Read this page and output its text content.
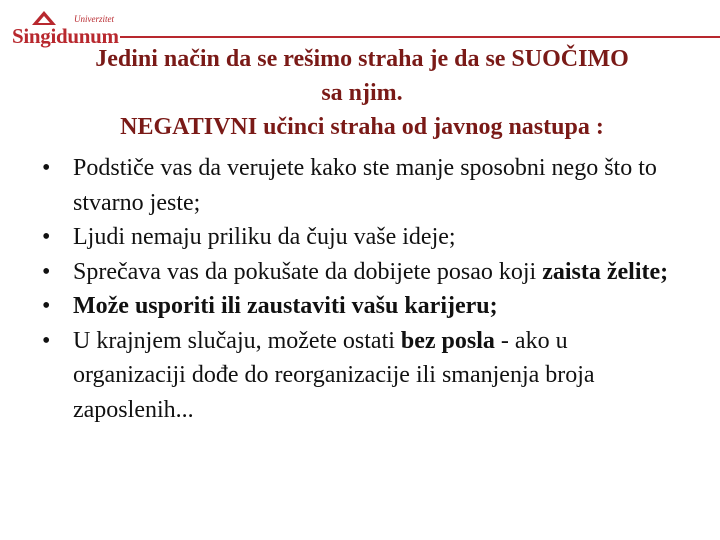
Univerzitet
Singidunum
Jedini način da se rešimo straha je da se SUOČIMO
sa njim.
NEGATIVNI učinci straha od javnog nastupa :
• Podstiče vas da verujete kako ste manje sposobni nego što to stvarno jeste;
• Ljudi nemaju priliku da čuju vaše ideje;
• Sprečava vas da pokušate da dobijete posao koji zaista želite;
• Može usporiti ili zaustaviti vašu karijeru;
• U krajnjem slučaju, možete ostati bez posla - ako u organizaciji dođe do reorganizacije ili smanjenja broja zaposlenih...
